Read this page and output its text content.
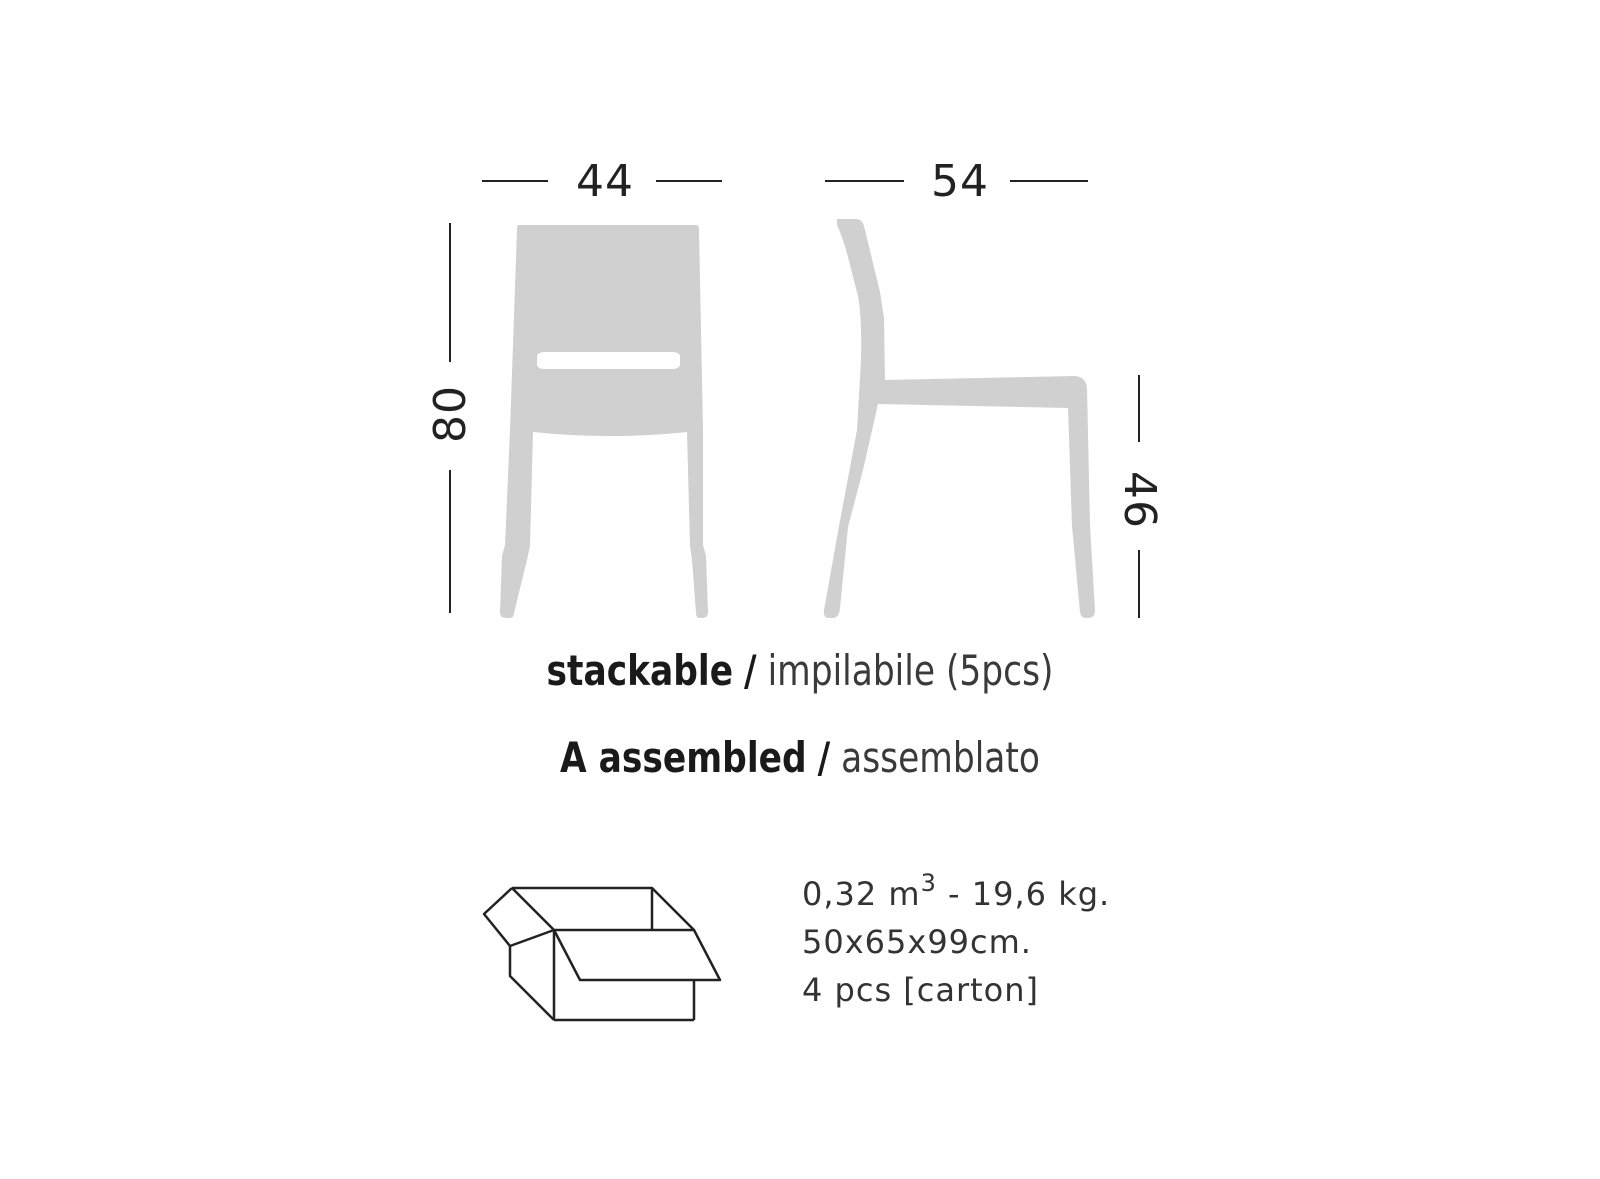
44	54
80
46
stackable / impilabile (5pcs)
A assembled / assemblato
0,32 $m^3 - 19,6$ kg.
50x65x99cm.
4 pcs [carton]
